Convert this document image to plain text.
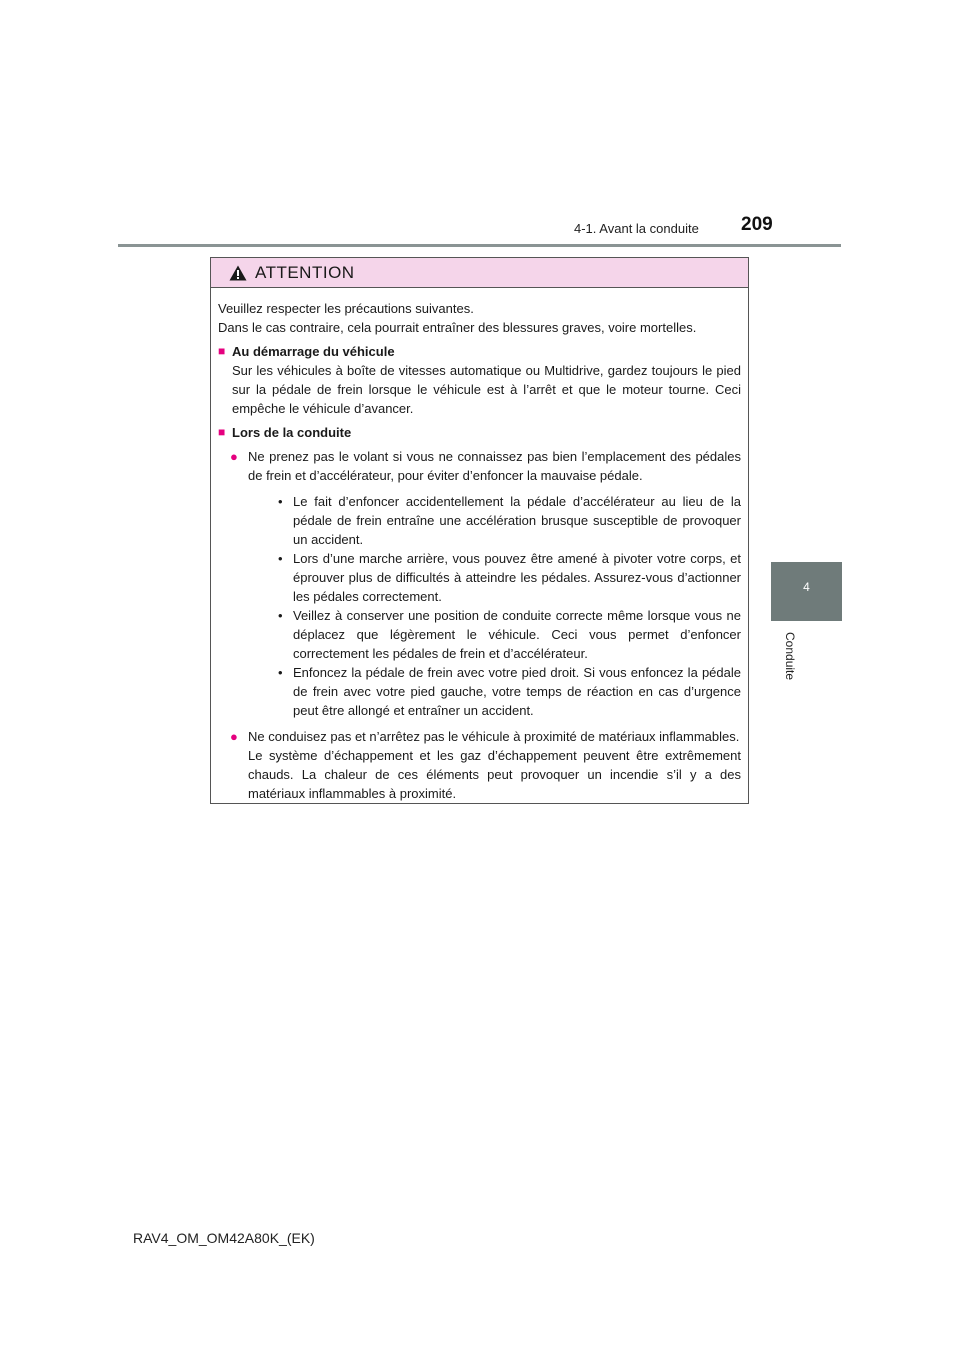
4-1. Avant la conduite 209
4
Conduite
ATTENTION

Veuillez respecter les précautions suivantes.

Dans le cas contraire, cela pourrait entraîner des blessures graves, voire mortelles.

■ Au démarrage du véhicule
Sur les véhicules à boîte de vitesses automatique ou Multidrive, gardez toujours le pied sur la pédale de frein lorsque le véhicule est à l’arrêt et que le moteur tourne. Ceci empêche le véhicule d’avancer.
■ Lors de la conduite
● Ne prenez pas le volant si vous ne connaissez pas bien l’emplacement des pédales de frein et d’accélérateur, pour éviter d’enfoncer la mauvaise pédale.

• Le fait d’enfoncer accidentellement la pédale d’accélérateur au lieu de la pédale de frein entraîne une accélération brusque susceptible de provoquer un accident.
• Lors d’une marche arrière, vous pouvez être amené à pivoter votre corps, et éprouver plus de difficultés à atteindre les pédales. Assurez-vous d’actionner les pédales correctement.
• Veillez à conserver une position de conduite correcte même lorsque vous ne déplacez que légèrement le véhicule. Ceci vous permet d’enfoncer correctement les pédales de frein et d’accélérateur.
• Enfoncez la pédale de frein avec votre pied droit. Si vous enfoncez la pédale de frein avec votre pied gauche, votre temps de réaction en cas d’urgence peut être allongé et entraîner un accident.
● Ne conduisez pas et n’arrêtez pas le véhicule à proximité de matériaux inflammables.

Le système d’échappement et les gaz d’échappement peuvent être extrêmement chauds. La chaleur de ces éléments peut provoquer un incendie s’il y a des matériaux inflammables à proximité.

RAV4_OM_OM42A80K_(EK)
